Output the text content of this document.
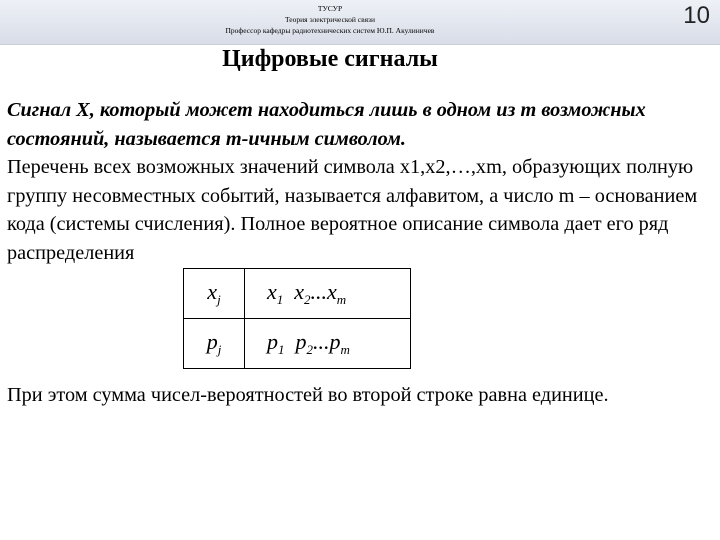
ТУСУР
Теория электрической связи
Профессор кафедры радиотехнических систем Ю.П. Акулиничев
10
Цифровые сигналы
Сигнал X, который может находиться лишь в одном из m возможных состояний, называется m-ичным символом.
Перечень всех возможных значений символа x1,x2,…,xm, образующих полную группу несовместных событий, называется алфавитом, а число m – основанием кода (системы счисления). Полное вероятное описание символа дает его ряд распределения
$x_j$	$x_1$ $x_2...x_m$
$p_j$	$p_1$ $p_2...p_m$
При этом сумма чисел-вероятностей во второй строке равна единице.
